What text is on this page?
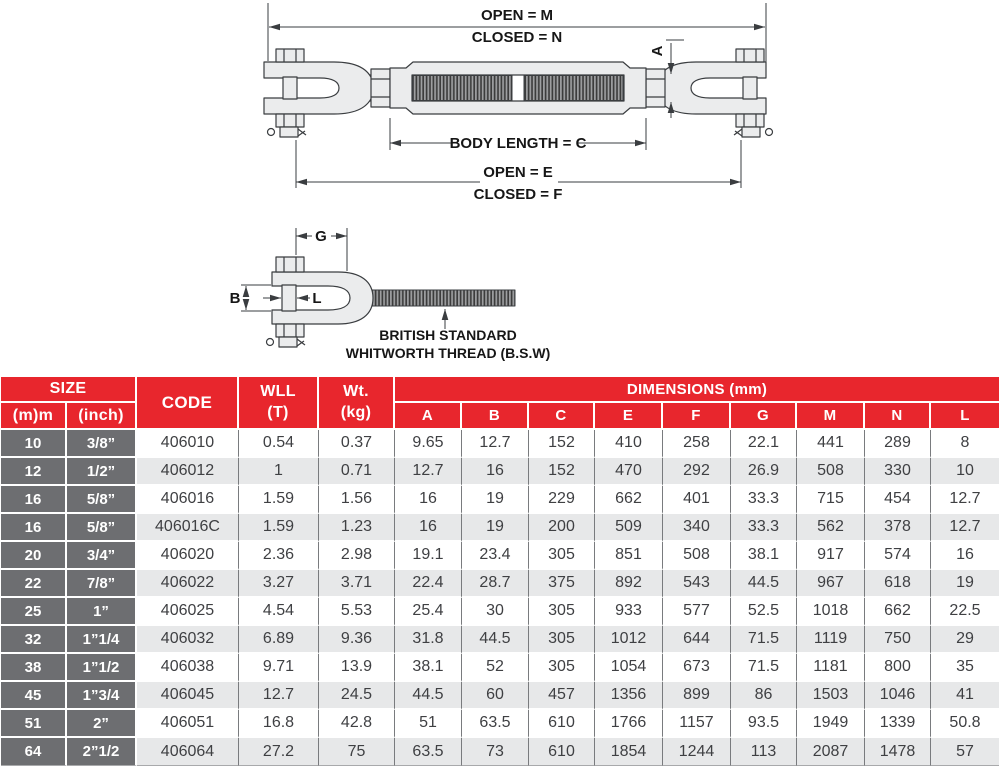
OPEN = M
CLOSED = N
A
BODY LENGTH = C
OPEN = E
CLOSED = F
G
B	L
BRITISH STANDARD
WHITWORTH THREAD (B.S.W)
SIZE		CODE	WLL
(T)	Wt.
(kg)	DIMENSIONS (mm)								
(m)m	(inch)				A	B	C	E	F	G	M	N	L
10	3/8”	406010	0.54	0.37	9.65	12.7	152	410	258	22.1	441	289	8
12	1/2”	406012	1	0.71	12.7	16	152	470	292	26.9	508	330	10
16	5/8”	406016	1.59	1.56	16	19	229	662	401	33.3	715	454	12.7
16	5/8”	406016C	1.59	1.23	16	19	200	509	340	33.3	562	378	12.7
20	3/4”	406020	2.36	2.98	19.1	23.4	305	851	508	38.1	917	574	16
22	7/8”	406022	3.27	3.71	22.4	28.7	375	892	543	44.5	967	618	19
25	1”	406025	4.54	5.53	25.4	30	305	933	577	52.5	1018	662	22.5
32	1”1/4	406032	6.89	9.36	31.8	44.5	305	1012	644	71.5	1119	750	29
38	1”1/2	406038	9.71	13.9	38.1	52	305	1054	673	71.5	1181	800	35
45	1”3/4	406045	12.7	24.5	44.5	60	457	1356	899	86	1503	1046	41
51	2”	406051	16.8	42.8	51	63.5	610	1766	1157	93.5	1949	1339	50.8
64	2”1/2	406064	27.2	75	63.5	73	610	1854	1244	113	2087	1478	57
